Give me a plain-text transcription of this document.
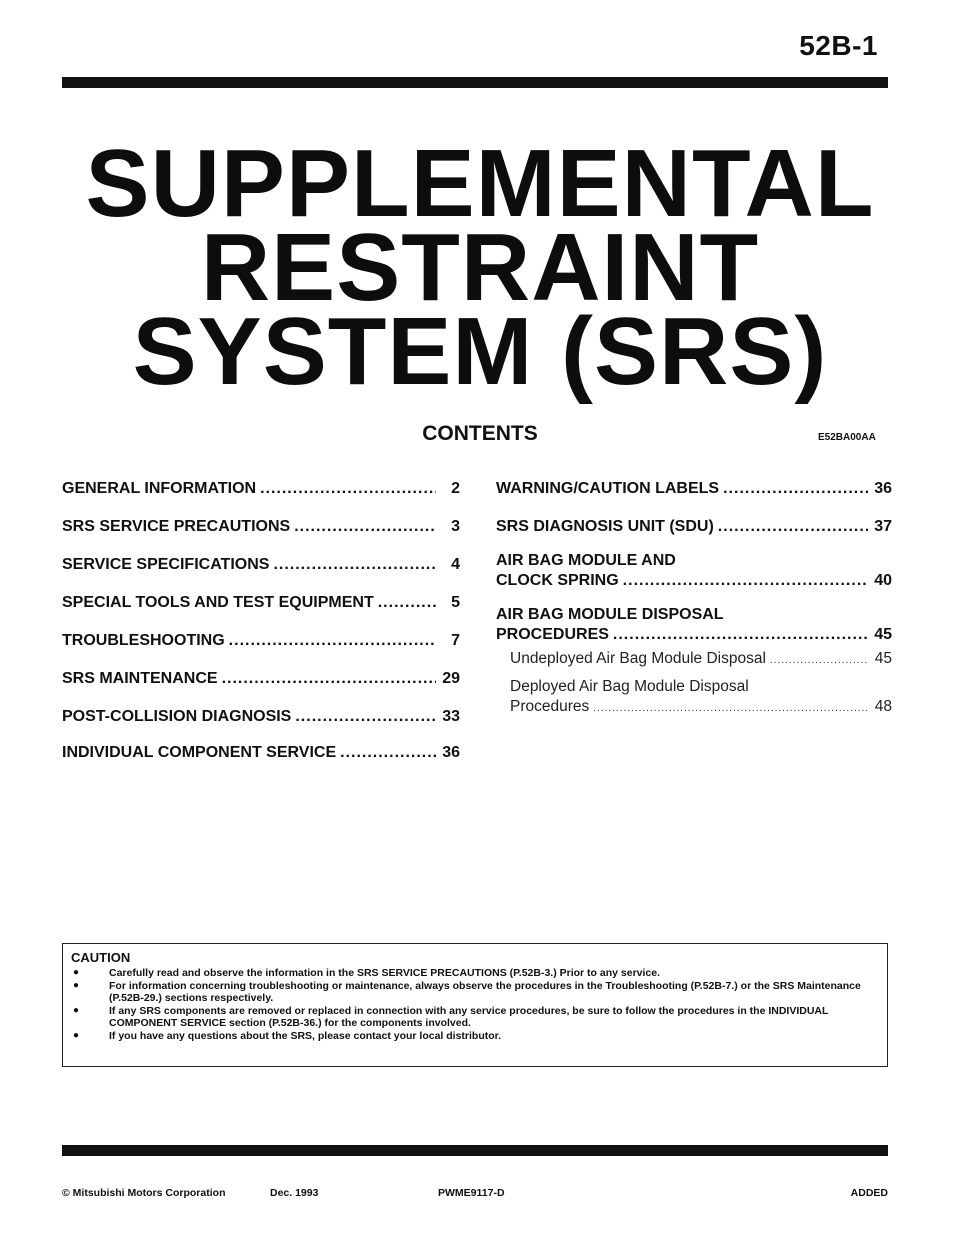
52B-1
SUPPLEMENTAL
RESTRAINT
SYSTEM (SRS)
CONTENTS	E52BA00AA
GENERAL INFORMATION .....	2
SRS SERVICE PRECAUTIONS .....	3
SERVICE SPECIFICATIONS .....	4
SPECIAL TOOLS AND TEST EQUIPMENT .....	5
TROUBLESHOOTING .....	7
SRS MAINTENANCE .....	29
POST-COLLISION DIAGNOSIS .....	33
INDIVIDUAL COMPONENT SERVICE .....	36
WARNING/CAUTION LABELS .....	36
SRS DIAGNOSIS UNIT (SDU) .....	37
AIR BAG MODULE AND
CLOCK SPRING .....	40
AIR BAG MODULE DISPOSAL
PROCEDURES .....	45
Undeployed Air Bag Module Disposal .....	45
Deployed Air Bag Module Disposal
Procedures .....	48
CAUTION
●	Carefully read and observe the information in the SRS SERVICE PRECAUTIONS (P.52B-3.) Prior to any service.
●	For information concerning troubleshooting or maintenance, always observe the procedures in the Troubleshooting (P.52B-7.) or the SRS Maintenance (P.52B-29.) sections respectively.
●	If any SRS components are removed or replaced in connection with any service procedures, be sure to follow the procedures in the INDIVIDUAL COMPONENT SERVICE section (P.52B-36.) for the components involved.
●	If you have any questions about the SRS, please contact your local distributor.
© Mitsubishi Motors Corporation	Dec. 1993	PWME9117-D	ADDED
